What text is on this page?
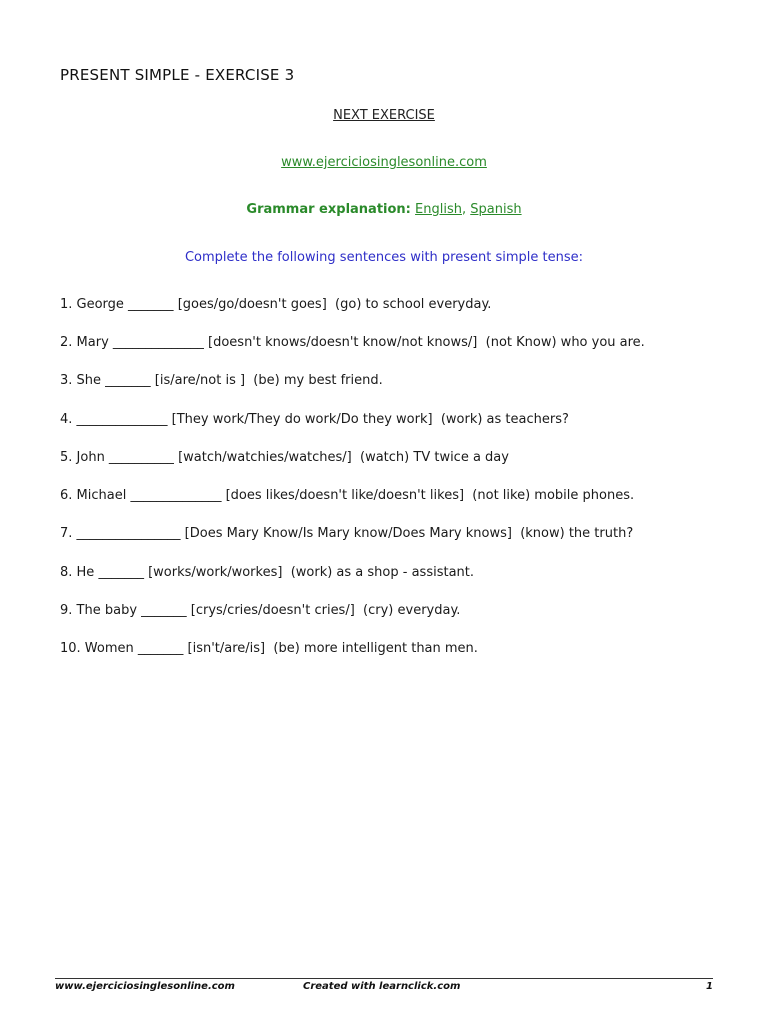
PRESENT SIMPLE - EXERCISE 3
NEXT EXERCISE
www.ejerciciosinglesonline.com
Grammar explanation: English, Spanish
Complete the following sentences with present simple tense:
1. George _______ [goes/go/doesn't goes]  (go) to school everyday.
2. Mary ______________ [doesn't knows/doesn't know/not knows/]  (not Know) who you are.
3. She _______ [is/are/not is ]  (be) my best friend.
4. ______________ [They work/They do work/Do they work]  (work) as teachers?
5. John __________ [watch/watchies/watches/]  (watch) TV twice a day
6. Michael ______________ [does likes/doesn't like/doesn't likes]  (not like) mobile phones.
7. ________________ [Does Mary Know/Is Mary know/Does Mary knows]  (know) the truth?
8. He _______ [works/work/workes]  (work) as a shop - assistant.
9. The baby _______ [crys/cries/doesn't cries/]  (cry) everyday.
10. Women _______ [isn't/are/is]  (be) more intelligent than men.
www.ejerciciosinglesonline.com	Created with learnclick.com	1
